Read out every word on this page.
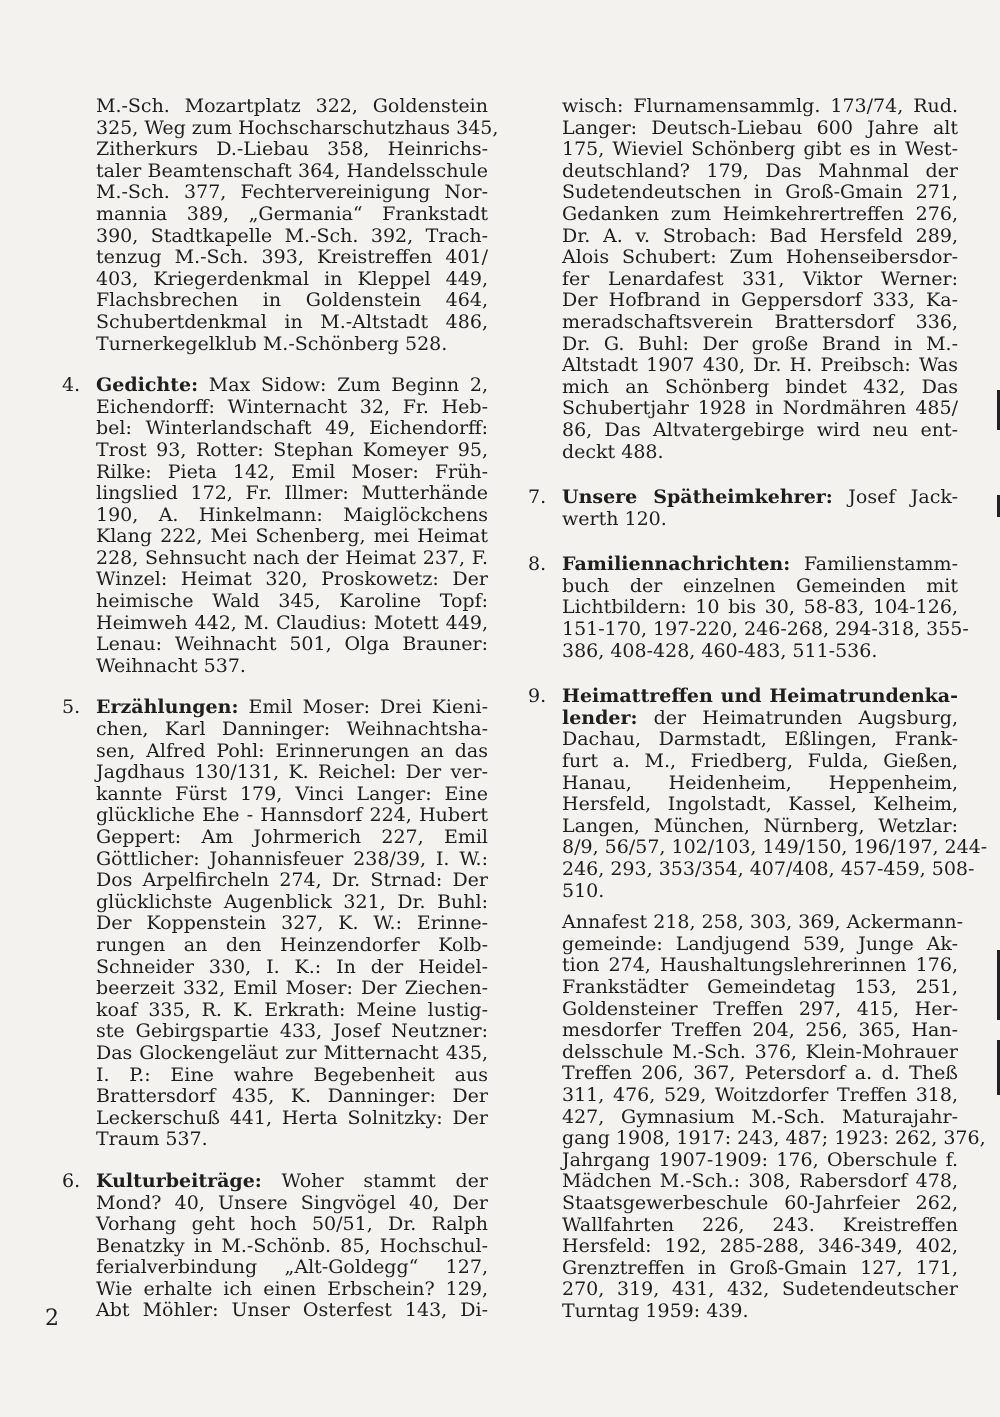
M.-Sch. Mozartplatz 322, Goldenstein
325, Weg zum Hochscharschutzhaus 345,
Zitherkurs D.-Liebau 358, Heinrichs-
taler Beamtenschaft 364, Handelsschule
M.-Sch. 377, Fechtervereinigung Nor-
mannia 389, „Germania“ Frankstadt
390, Stadtkapelle M.-Sch. 392, Trach-
tenzug M.-Sch. 393, Kreistreffen 401/
403, Kriegerdenkmal in Kleppel 449,
Flachsbrechen in Goldenstein 464,
Schubertdenkmal in M.-Altstadt 486,
Turnerkegelklub M.-Schönberg 528.
4. Gedichte: Max Sidow: Zum Beginn 2,
Eichendorff: Winternacht 32, Fr. Heb-
bel: Winterlandschaft 49, Eichendorff:
Trost 93, Rotter: Stephan Komeyer 95,
Rilke: Pieta 142, Emil Moser: Früh-
lingslied 172, Fr. Illmer: Mutterhände
190, A. Hinkelmann: Maiglöckchens
Klang 222, Mei Schenberg, mei Heimat
228, Sehnsucht nach der Heimat 237, F.
Winzel: Heimat 320, Proskowetz: Der
heimische Wald 345, Karoline Topf:
Heimweh 442, M. Claudius: Motett 449,
Lenau: Weihnacht 501, Olga Brauner:
Weihnacht 537.
5. Erzählungen: Emil Moser: Drei Kieni-
chen, Karl Danninger: Weihnachtsha-
sen, Alfred Pohl: Erinnerungen an das
Jagdhaus 130/131, K. Reichel: Der ver-
kannte Fürst 179, Vinci Langer: Eine
glückliche Ehe - Hannsdorf 224, Hubert
Geppert: Am Johrmerich 227, Emil
Göttlicher: Johannisfeuer 238/39, I. W.:
Dos Arpelfircheln 274, Dr. Strnad: Der
glücklichste Augenblick 321, Dr. Buhl:
Der Koppenstein 327, K. W.: Erinne-
rungen an den Heinzendorfer Kolb-
Schneider 330, I. K.: In der Heidel-
beerzeit 332, Emil Moser: Der Ziechen-
koaf 335, R. K. Erkrath: Meine lustig-
ste Gebirgspartie 433, Josef Neutzner:
Das Glockengeläut zur Mitternacht 435,
I. P.: Eine wahre Begebenheit aus
Brattersdorf 435, K. Danninger: Der
Leckerschuß 441, Herta Solnitzky: Der
Traum 537.
6. Kulturbeiträge: Woher stammt der
Mond? 40, Unsere Singvögel 40, Der
Vorhang geht hoch 50/51, Dr. Ralph
Benatzky in M.-Schönb. 85, Hochschul-
ferialverbindung „Alt-Goldegg“ 127,
Wie erhalte ich einen Erbschein? 129,
Abt Möhler: Unser Osterfest 143, Di-
wisch: Flurnamensammlg. 173/74, Rud.
Langer: Deutsch-Liebau 600 Jahre alt
175, Wieviel Schönberg gibt es in West-
deutschland? 179, Das Mahnmal der
Sudetendeutschen in Groß-Gmain 271,
Gedanken zum Heimkehrertreffen 276,
Dr. A. v. Strobach: Bad Hersfeld 289,
Alois Schubert: Zum Hohenseibersdor-
fer Lenardafest 331, Viktor Werner:
Der Hofbrand in Geppersdorf 333, Ka-
meradschaftsverein Brattersdorf 336,
Dr. G. Buhl: Der große Brand in M.-
Altstadt 1907 430, Dr. H. Preibsch: Was
mich an Schönberg bindet 432, Das
Schubertjahr 1928 in Nordmähren 485/
86, Das Altvatergebirge wird neu ent-
deckt 488.
7. Unsere Spätheimkehrer: Josef Jack-
werth 120.
8. Familiennachrichten: Familienstamm-
buch der einzelnen Gemeinden mit
Lichtbildern: 10 bis 30, 58-83, 104-126,
151-170, 197-220, 246-268, 294-318, 355-
386, 408-428, 460-483, 511-536.
9. Heimattreffen und Heimatrundenka-
lender: der Heimatrunden Augsburg,
Dachau, Darmstadt, Eßlingen, Frank-
furt a. M., Friedberg, Fulda, Gießen,
Hanau, Heidenheim, Heppenheim,
Hersfeld, Ingolstadt, Kassel, Kelheim,
Langen, München, Nürnberg, Wetzlar:
8/9, 56/57, 102/103, 149/150, 196/197, 244-
246, 293, 353/354, 407/408, 457-459, 508-
510.
Annafest 218, 258, 303, 369, Ackermann-
gemeinde: Landjugend 539, Junge Ak-
tion 274, Haushaltungslehrerinnen 176,
Frankstädter Gemeindetag 153, 251,
Goldensteiner Treffen 297, 415, Her-
mesdorfer Treffen 204, 256, 365, Han-
delsschule M.-Sch. 376, Klein-Mohrauer
Treffen 206, 367, Petersdorf a. d. Theß
311, 476, 529, Woitzdorfer Treffen 318,
427, Gymnasium M.-Sch. Maturajahr-
gang 1908, 1917: 243, 487; 1923: 262, 376,
Jahrgang 1907-1909: 176, Oberschule f.
Mädchen M.-Sch.: 308, Rabersdorf 478,
Staatsgewerbeschule 60-Jahrfeier 262,
Wallfahrten 226, 243. Kreistreffen
Hersfeld: 192, 285-288, 346-349, 402,
Grenztreffen in Groß-Gmain 127, 171,
270, 319, 431, 432, Sudetendeutscher
Turntag 1959: 439.
2
